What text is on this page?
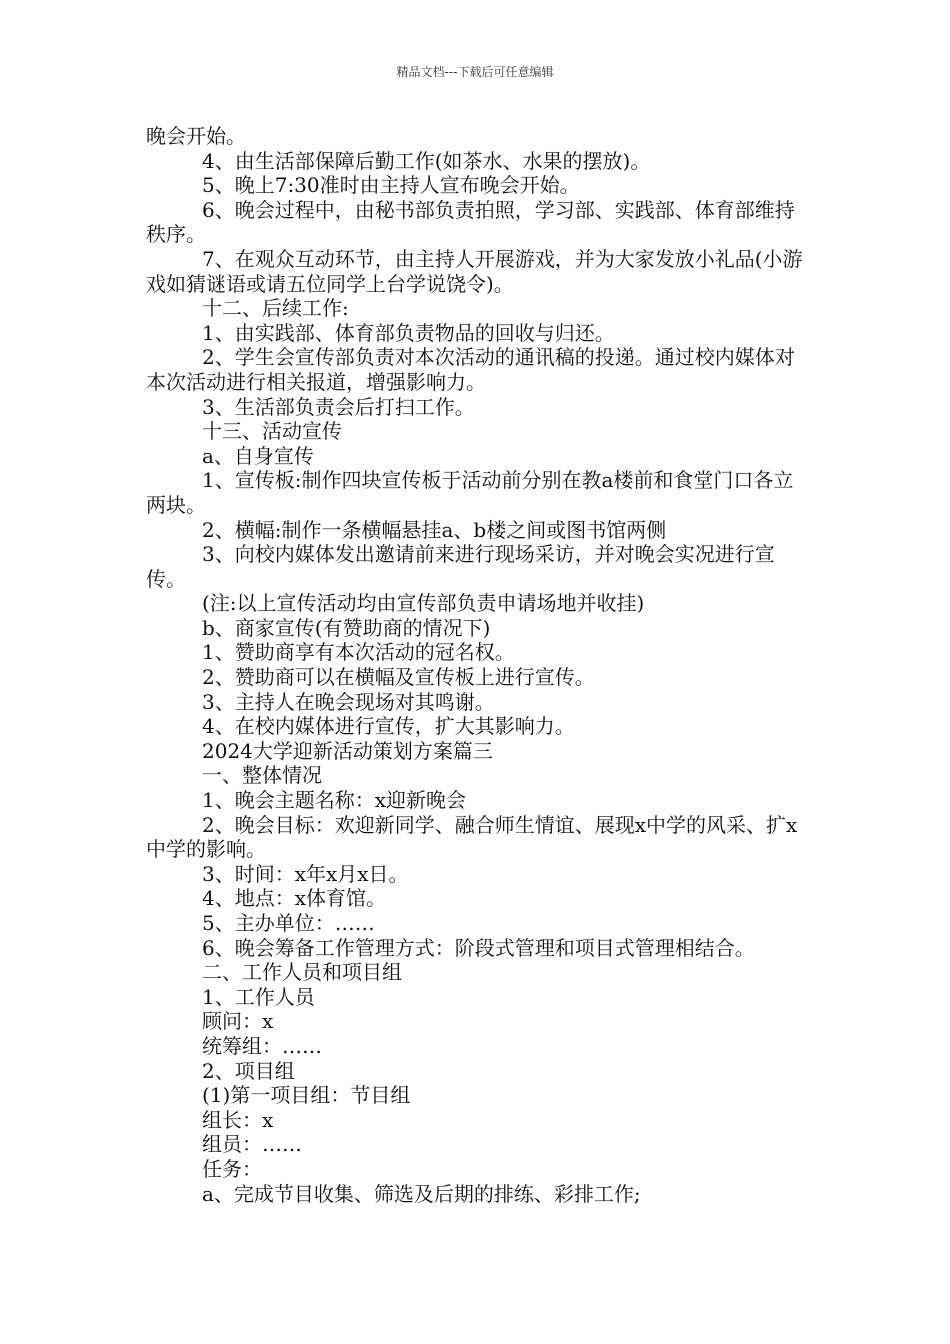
精品文档---下载后可任意编辑

晚会开始。

4、由生活部保障后勤工作(如茶水、水果的摆放)。

5、晚上7:30准时由主持人宣布晚会开始。

6、晚会过程中，由秘书部负责拍照，学习部、实践部、体育部维持秩序。

7、在观众互动环节，由主持人开展游戏，并为大家发放小礼品(小游戏如猜谜语或请五位同学上台学说饶令)。

十二、后续工作:

1、由实践部、体育部负责物品的回收与归还。

2、学生会宣传部负责对本次活动的通讯稿的投递。通过校内媒体对本次活动进行相关报道，增强影响力。

3、生活部负责会后打扫工作。

十三、活动宣传

a、自身宣传

1、宣传板:制作四块宣传板于活动前分别在教a楼前和食堂门口各立两块。

2、横幅:制作一条横幅悬挂a、b楼之间或图书馆两侧

3、向校内媒体发出邀请前来进行现场采访，并对晚会实况进行宣传。

(注:以上宣传活动均由宣传部负责申请场地并收挂)

b、商家宣传(有赞助商的情况下)

1、赞助商享有本次活动的冠名权。

2、赞助商可以在横幅及宣传板上进行宣传。

3、主持人在晚会现场对其鸣谢。

4、在校内媒体进行宣传，扩大其影响力。

2024大学迎新活动策划方案篇三

一、整体情况

1、晚会主题名称：x迎新晚会

2、晚会目标：欢迎新同学、融合师生情谊、展现x中学的风采、扩x中学的影响。

3、时间：x年x月x日。

4、地点：x体育馆。

5、主办单位：……

6、晚会筹备工作管理方式：阶段式管理和项目式管理相结合。

二、工作人员和项目组

1、工作人员

顾问：x

统筹组：……

2、项目组

(1)第一项目组：节目组

组长：x

组员：……

任务：

a、完成节目收集、筛选及后期的排练、彩排工作;
